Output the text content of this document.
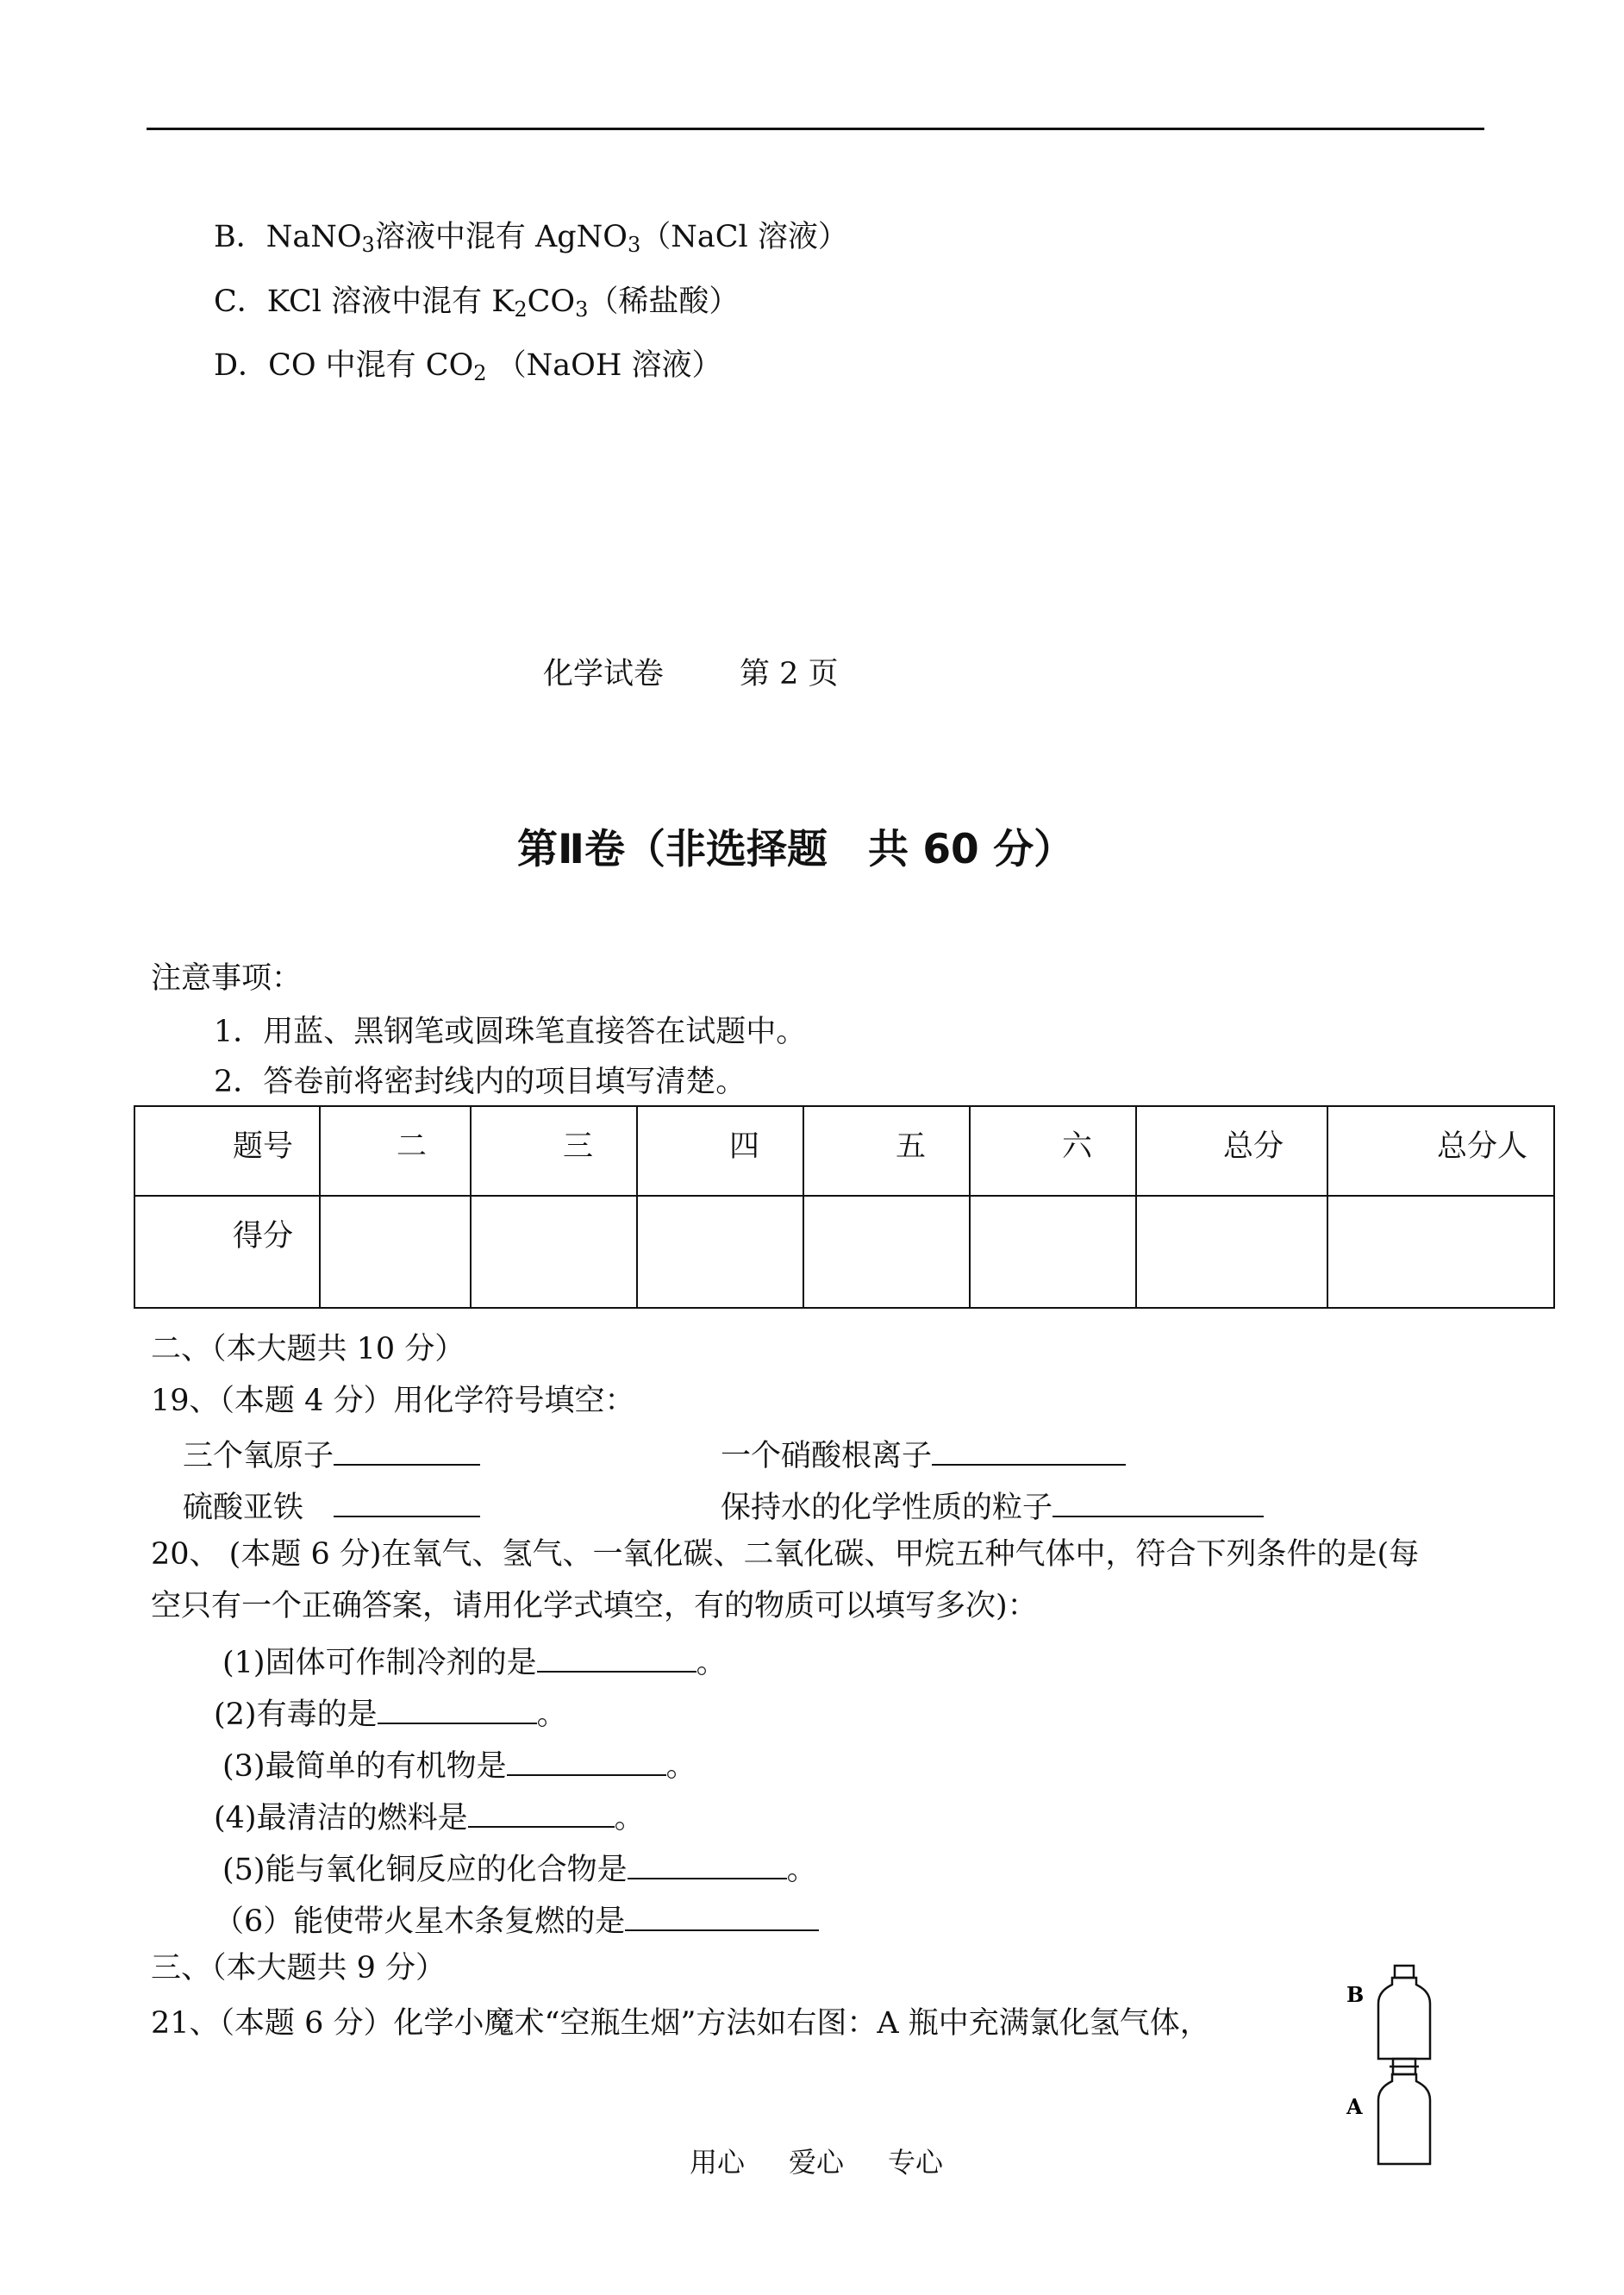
B．NaNO$_3$溶液中混有 AgNO$_3$（NaCl 溶液）
C．KCl 溶液中混有 $K_2CO_3$（稀盐酸）
D．CO 中混有 $CO_2$ （NaOH 溶液）
化学试卷	第 2 页
第Ⅱ卷（非选择题　共 60 分）
注意事项：
1．用蓝、黑钢笔或圆珠笔直接答在试题中。
2．答卷前将密封线内的项目填写清楚。
题号	二	三	四	五	六	总分	总分人
得分							
二、（本大题共 10 分）
19、（本题 4 分）用化学符号填空：
三个氧原子	一个硝酸根离子
硫酸亚铁	保持水的化学性质的粒子
20、 (本题 6 分)在氧气、氢气、一氧化碳、二氧化碳、甲烷五种气体中，符合下列条件的是(每
空只有一个正确答案，请用化学式填空，有的物质可以填写多次)：
(1)固体可作制冷剂的是	。
(2)有毒的是	。
(3)最简单的有机物是	。
(4)最清洁的燃料是	。
(5)能与氧化铜反应的化合物是	。
（6）能使带火星木条复燃的是
三、（本大题共 9 分）
21、（本题 6 分）化学小魔术“空瓶生烟”方法如右图：A 瓶中充满氯化氢气体，
B
A
用心 爱心 专心
